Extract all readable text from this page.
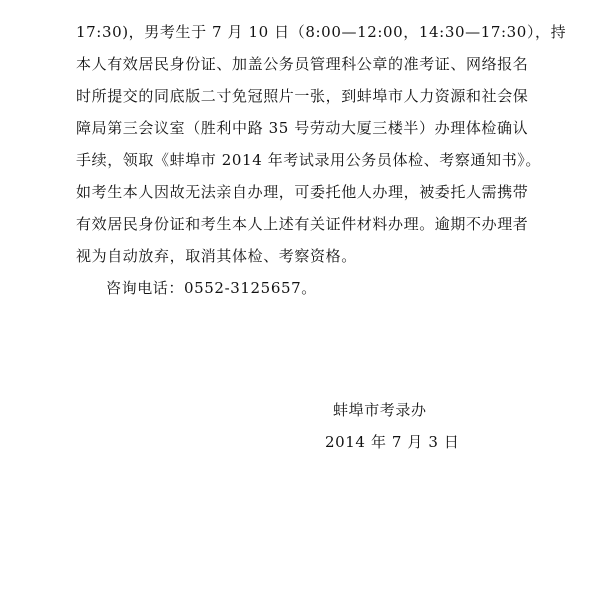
17:30)，男考生于 7 月 10 日（8:00—12:00，14:30—17:30），持
本人有效居民身份证、加盖公务员管理科公章的准考证、网络报名
时所提交的同底版二寸免冠照片一张，到蚌埠市人力资源和社会保
障局第三会议室（胜利中路 35 号劳动大厦三楼半）办理体检确认
手续，领取《蚌埠市 2014 年考试录用公务员体检、考察通知书》。
如考生本人因故无法亲自办理，可委托他人办理，被委托人需携带
有效居民身份证和考生本人上述有关证件材料办理。逾期不办理者
视为自动放弃，取消其体检、考察资格。
咨询电话：0552-3125657。
蚌埠市考录办
2014 年 7 月 3 日
